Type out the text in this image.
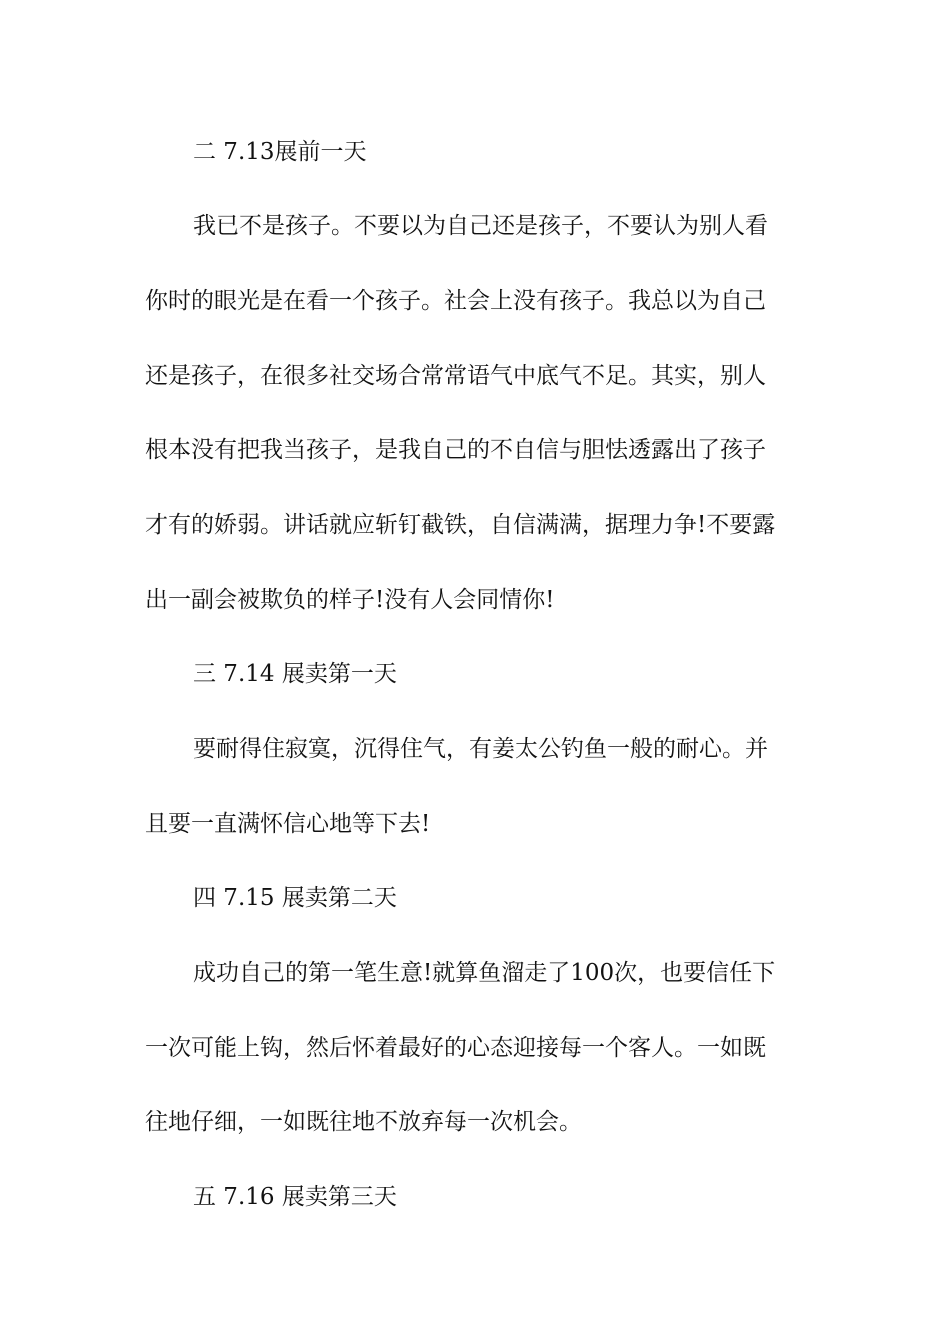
二 7.13展前一天
我已不是孩子。不要以为自己还是孩子，不要认为别人看
你时的眼光是在看一个孩子。社会上没有孩子。我总以为自己
还是孩子，在很多社交场合常常语气中底气不足。其实，别人
根本没有把我当孩子，是我自己的不自信与胆怯透露出了孩子
才有的娇弱。讲话就应斩钉截铁，自信满满，据理力争!不要露
出一副会被欺负的样子!没有人会同情你!
三 7.14 展卖第一天
要耐得住寂寞，沉得住气，有姜太公钓鱼一般的耐心。并
且要一直满怀信心地等下去!
四 7.15 展卖第二天
成功自己的第一笔生意!就算鱼溜走了100次，也要信任下
一次可能上钩，然后怀着最好的心态迎接每一个客人。一如既
往地仔细，一如既往地不放弃每一次机会。
五 7.16 展卖第三天
